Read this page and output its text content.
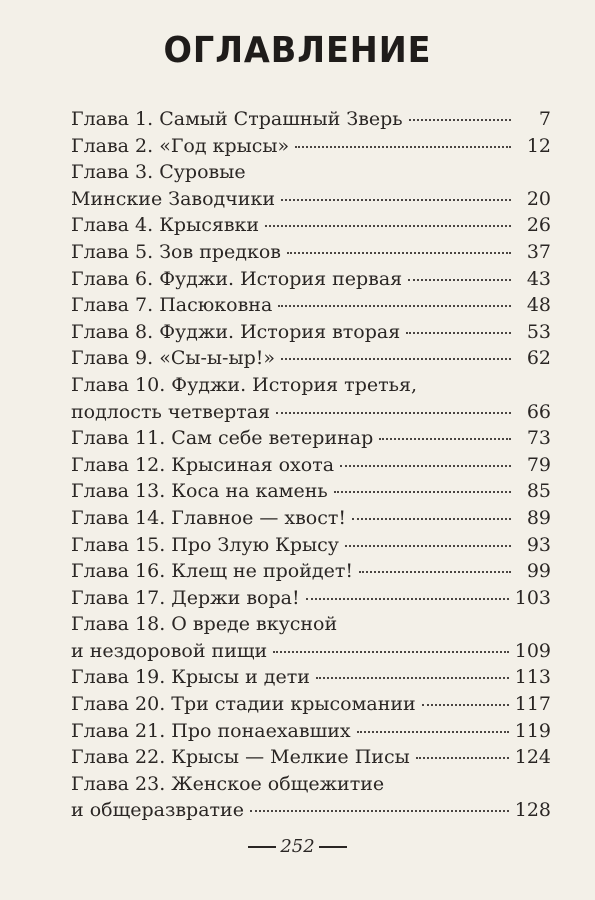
ОГЛАВЛЕНИЕ
Глава 1. Самый Страшный Зверь	7
Глава 2. «Год крысы»	12
Глава 3. Суровые
Минские Заводчики	20
Глава 4. Крысявки	26
Глава 5. Зов предков	37
Глава 6. Фуджи. История первая	43
Глава 7. Пасюковна	48
Глава 8. Фуджи. История вторая	53
Глава 9. «Сы-ы-ыр!»	62
Глава 10. Фуджи. История третья,
подлость четвертая	66
Глава 11. Сам себе ветеринар	73
Глава 12. Крысиная охота	79
Глава 13. Коса на камень	85
Глава 14. Главное — хвост!	89
Глава 15. Про Злую Крысу	93
Глава 16. Клещ не пройдет!	99
Глава 17. Держи вора!	103
Глава 18. О вреде вкусной
и нездоровой пищи	109
Глава 19. Крысы и дети	113
Глава 20. Три стадии крысомании	117
Глава 21. Про понаехавших	119
Глава 22. Крысы — Мелкие Писы	124
Глава 23. Женское общежитие
и общеразвратие	128
252
